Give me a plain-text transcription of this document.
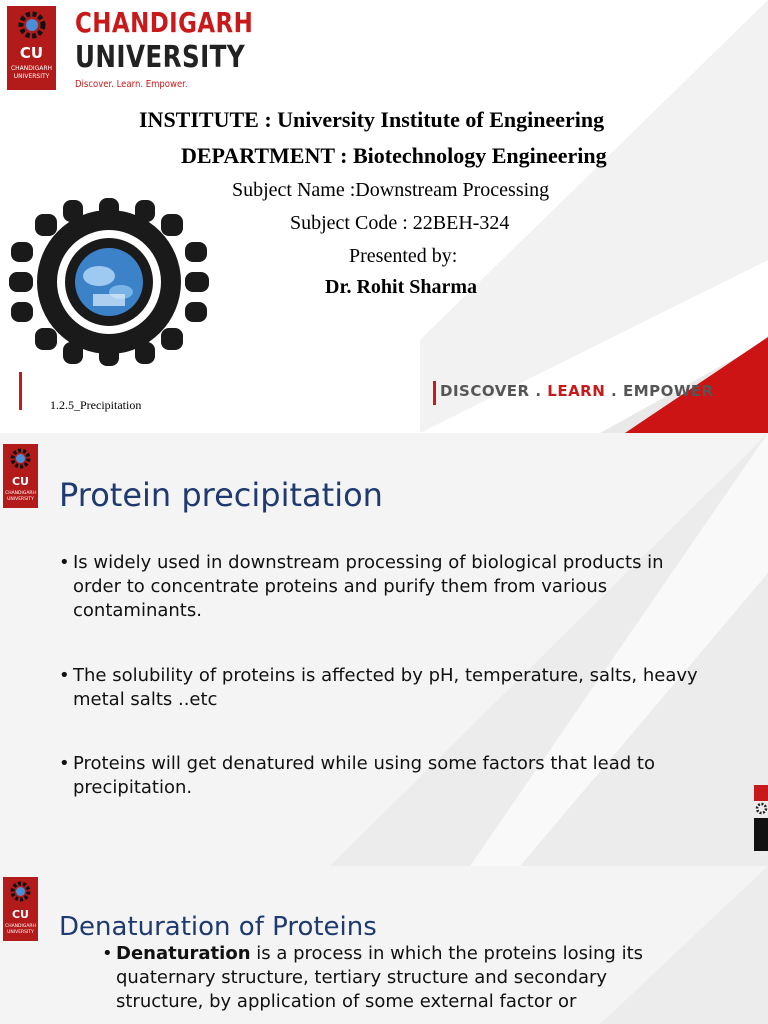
CU
CHANDIGARH
UNIVERSITY
CHANDIGARH
UNIVERSITY
Discover. Learn. Empower.
INSTITUTE : University Institute of Engineering
DEPARTMENT : Biotechnology Engineering
Subject Name :Downstream Processing
Subject Code : 22BEH-324
Presented by:
Dr. Rohit Sharma
1.2.5_Precipitation
DISCOVER . LEARN . EMPOWER
CU
CHANDIGARH
UNIVERSITY Protein precipitation
• Is widely used in downstream processing of biological products in
order to concentrate proteins and purify them from various
contaminants.
• The solubility of proteins is affected by pH, temperature, salts, heavy
metal salts ..etc
• Proteins will get denatured while using some factors that lead to
precipitation.
CU
CHANDIGARH
UNIVERSITY Denaturation of Proteins
• Denaturation is a process in which the proteins losing its
quaternary structure, tertiary structure and secondary
structure, by application of some external factor or
